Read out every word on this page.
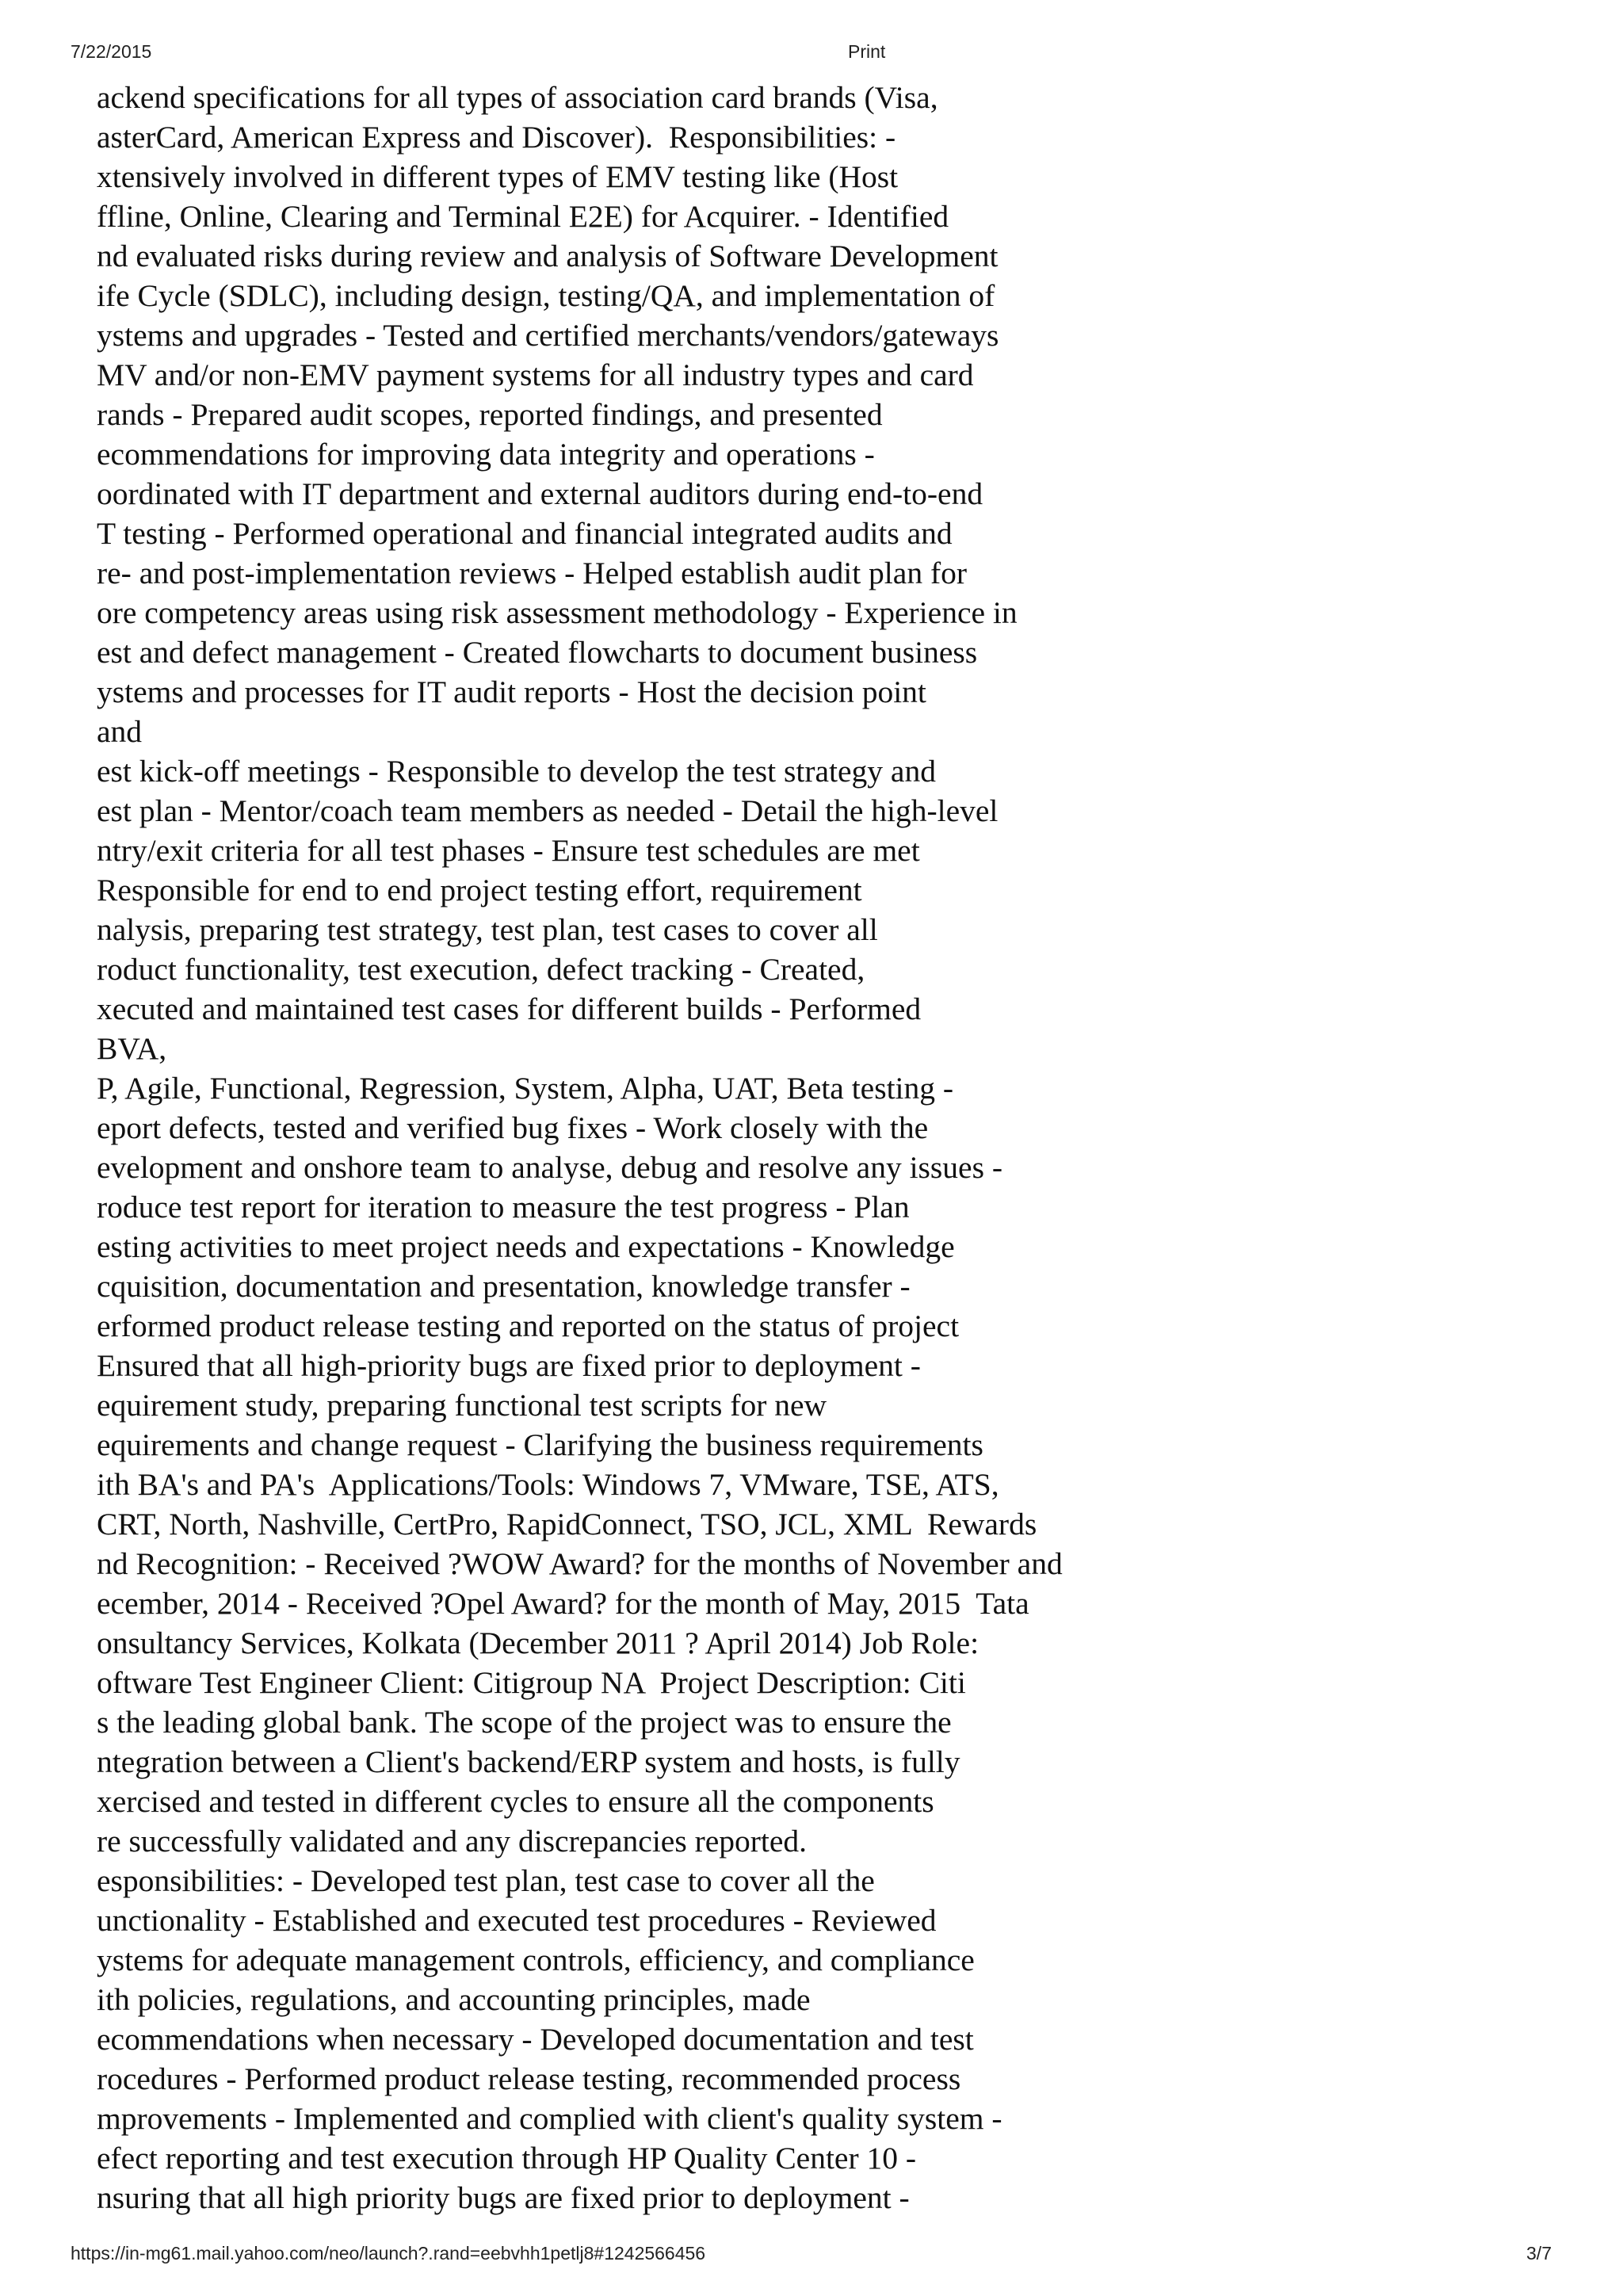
7/22/2015	Print
ackend specifications for all types of association card brands (Visa,
asterCard, American Express and Discover).  Responsibilities: -
xtensively involved in different types of EMV testing like (Host
ffline, Online, Clearing and Terminal E2E) for Acquirer. - Identified
nd evaluated risks during review and analysis of Software Development
ife Cycle (SDLC), including design, testing/QA, and implementation of
ystems and upgrades - Tested and certified merchants/vendors/gateways
MV and/or non-EMV payment systems for all industry types and card
rands - Prepared audit scopes, reported findings, and presented
ecommendations for improving data integrity and operations -
oordinated with IT department and external auditors during end-to-end
T testing - Performed operational and financial integrated audits and
re- and post-implementation reviews - Helped establish audit plan for
ore competency areas using risk assessment methodology - Experience in
est and defect management - Created flowcharts to document business
ystems and processes for IT audit reports - Host the decision point
and
est kick-off meetings - Responsible to develop the test strategy and
est plan - Mentor/coach team members as needed - Detail the high-level
ntry/exit criteria for all test phases - Ensure test schedules are met
Responsible for end to end project testing effort, requirement
nalysis, preparing test strategy, test plan, test cases to cover all
roduct functionality, test execution, defect tracking - Created,
xecuted and maintained test cases for different builds - Performed
BVA,
P, Agile, Functional, Regression, System, Alpha, UAT, Beta testing -
eport defects, tested and verified bug fixes - Work closely with the
evelopment and onshore team to analyse, debug and resolve any issues -
roduce test report for iteration to measure the test progress - Plan
esting activities to meet project needs and expectations - Knowledge
cquisition, documentation and presentation, knowledge transfer -
erformed product release testing and reported on the status of project
Ensured that all high-priority bugs are fixed prior to deployment -
equirement study, preparing functional test scripts for new
equirements and change request - Clarifying the business requirements
ith BA's and PA's  Applications/Tools: Windows 7, VMware, TSE, ATS,
CRT, North, Nashville, CertPro, RapidConnect, TSO, JCL, XML  Rewards
nd Recognition: - Received ?WOW Award? for the months of November and
ecember, 2014 - Received ?Opel Award? for the month of May, 2015  Tata
onsultancy Services, Kolkata (December 2011 ? April 2014) Job Role:
oftware Test Engineer Client: Citigroup NA  Project Description: Citi
s the leading global bank. The scope of the project was to ensure the
ntegration between a Client's backend/ERP system and hosts, is fully
xercised and tested in different cycles to ensure all the components
re successfully validated and any discrepancies reported.
esponsibilities: - Developed test plan, test case to cover all the
unctionality - Established and executed test procedures - Reviewed
ystems for adequate management controls, efficiency, and compliance
ith policies, regulations, and accounting principles, made
ecommendations when necessary - Developed documentation and test
rocedures - Performed product release testing, recommended process
mprovements - Implemented and complied with client's quality system -
efect reporting and test execution through HP Quality Center 10 -
nsuring that all high priority bugs are fixed prior to deployment -
https://in-mg61.mail.yahoo.com/neo/launch?.rand=eebvhh1petlj8#1242566456	3/7
